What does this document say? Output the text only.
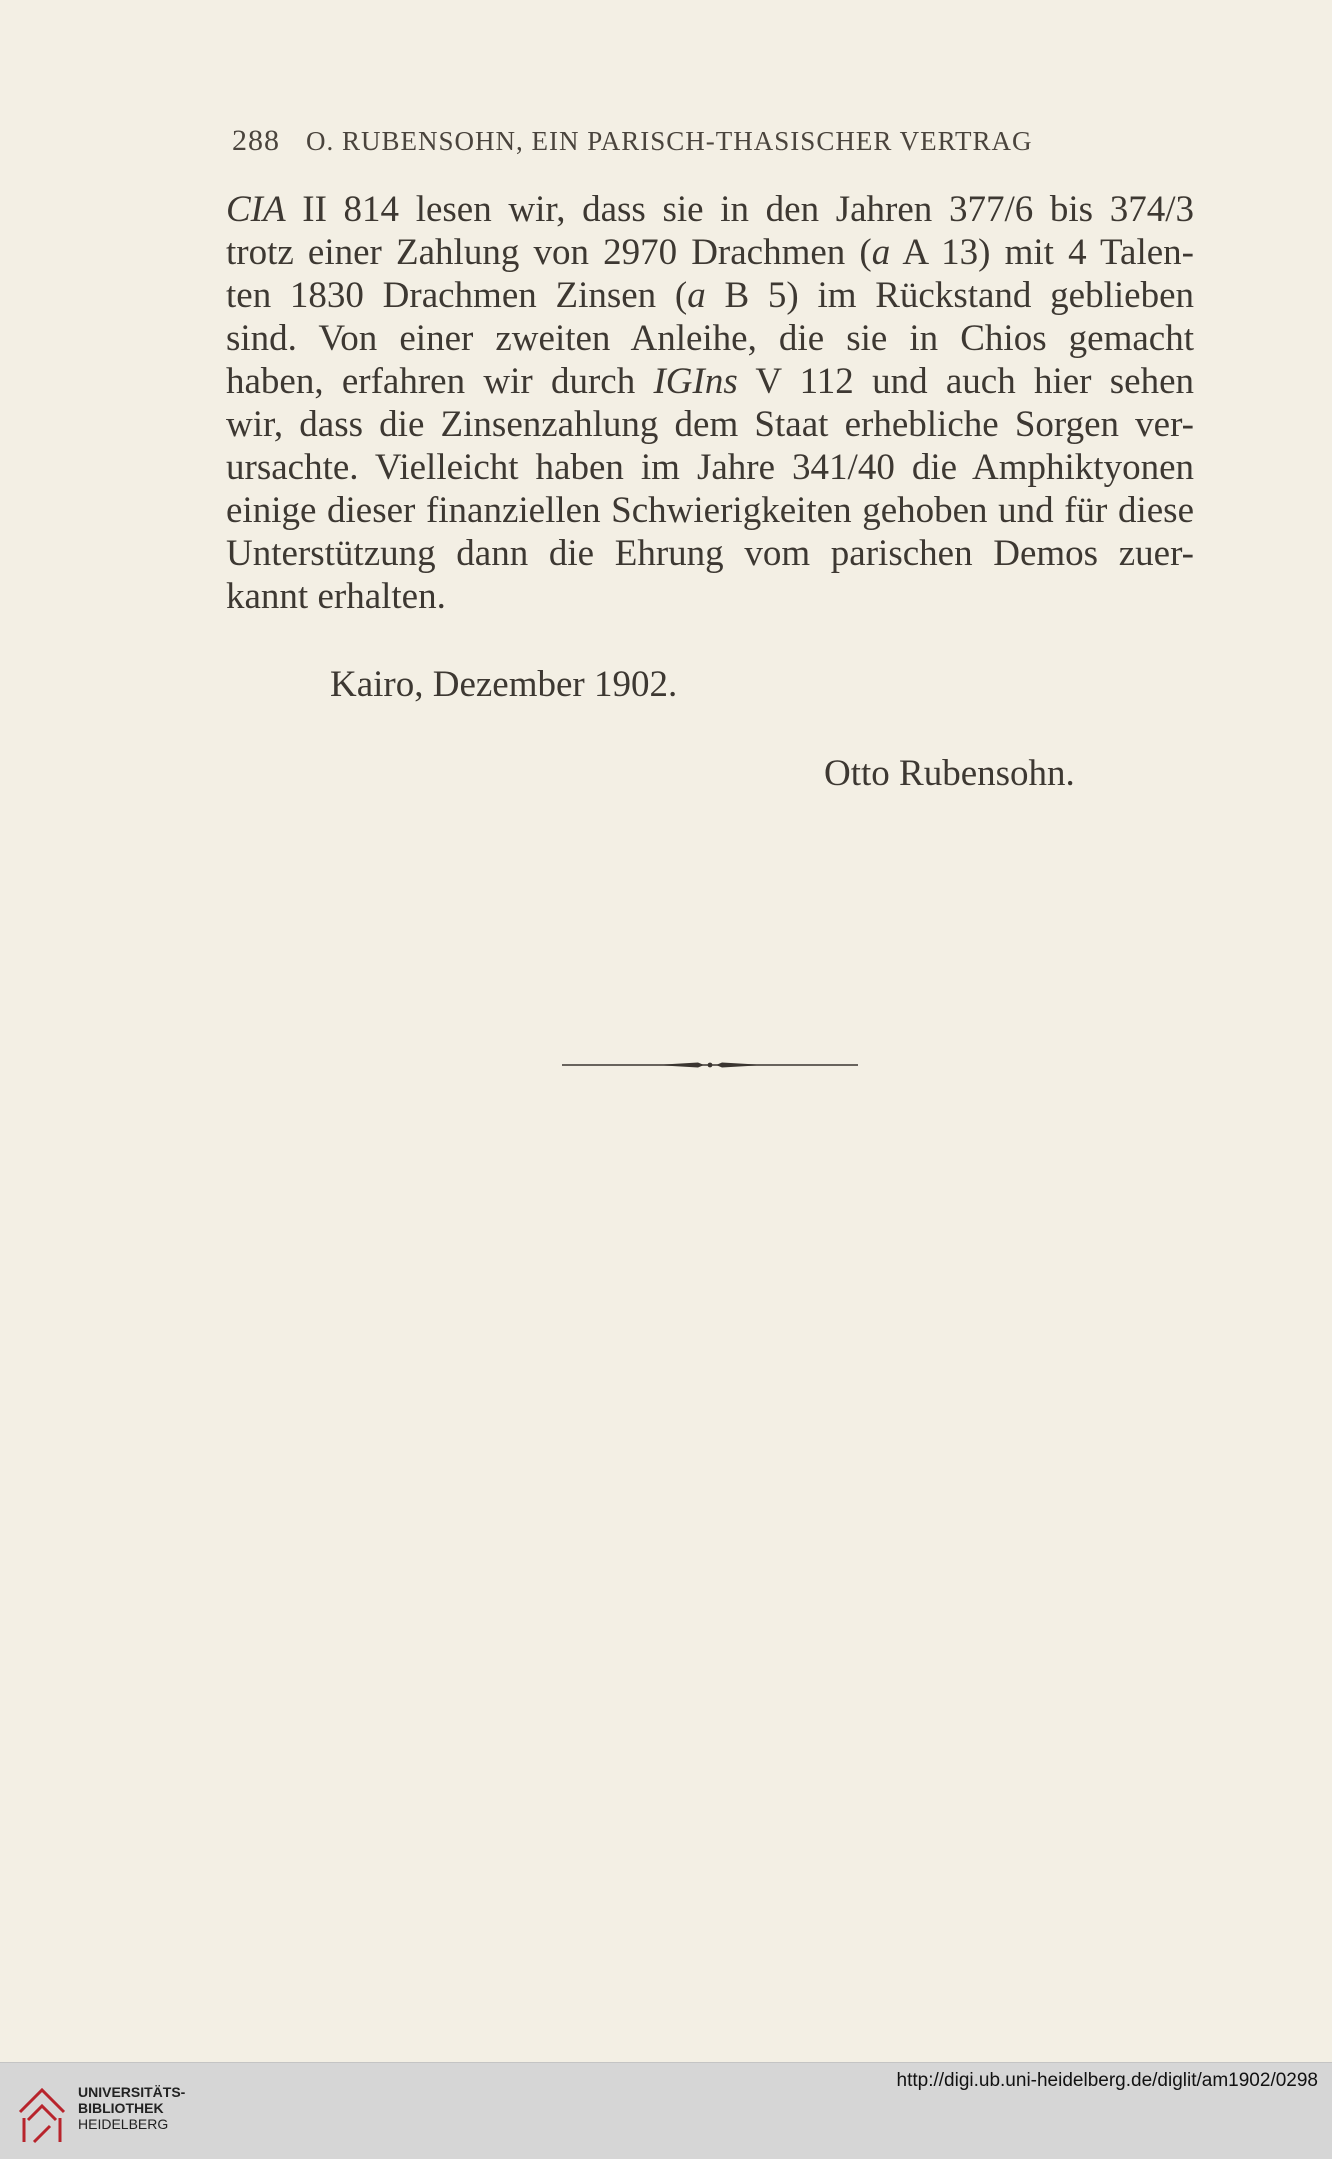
288 O. RUBENSOHN, EIN PARISCH-THASISCHER VERTRAG
CIA II 814 lesen wir, dass sie in den Jahren 377/6 bis 374/3
trotz einer Zahlung von 2970 Drachmen (a A 13) mit 4 Talen-
ten 1830 Drachmen Zinsen (a B 5) im Rückstand geblieben
sind. Von einer zweiten Anleihe, die sie in Chios gemacht
haben, erfahren wir durch IGIns V 112 und auch hier sehen
wir, dass die Zinsenzahlung dem Staat erhebliche Sorgen ver-
ursachte. Vielleicht haben im Jahre 341/40 die Amphiktyonen
einige dieser finanziellen Schwierigkeiten gehoben und für diese
Unterstützung dann die Ehrung vom parischen Demos zuer-
kannt erhalten.
Kairo, Dezember 1902.
Otto Rubensohn.
UNIVERSITÄTS-
BIBLIOTHEK
HEIDELBERG
http://digi.ub.uni-heidelberg.de/diglit/am1902/0298
